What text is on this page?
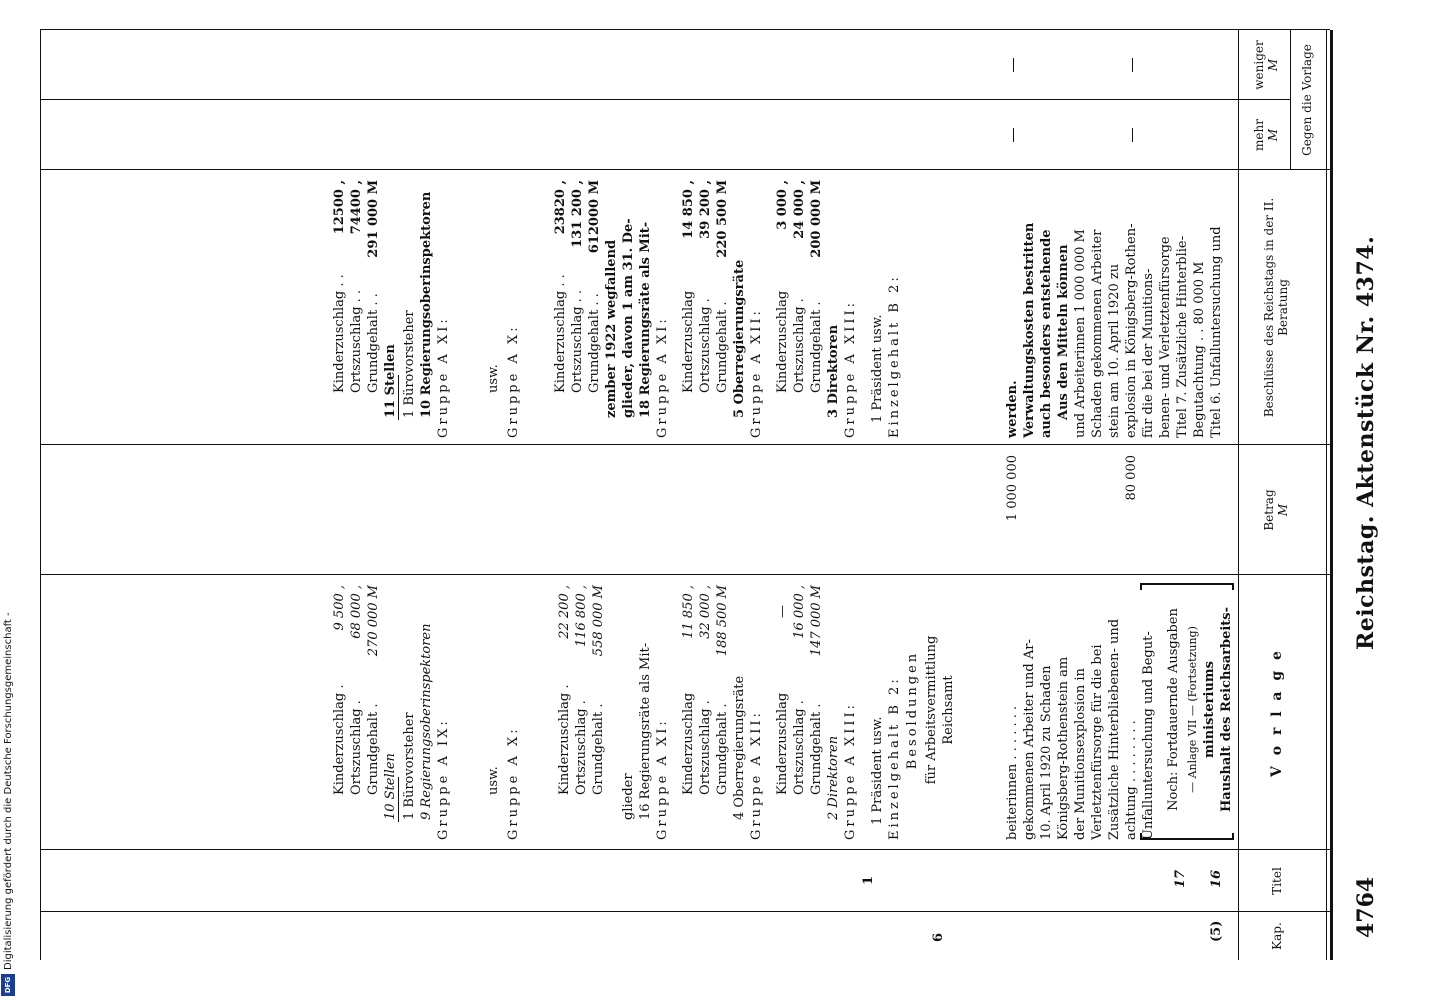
Digitalisierung gefördert durch die Deutsche Forschungsgemeinschaft -
DFG
4764
Reichstag. Aktenstück Nr. 4374.
Kap.
Titel
V o r l a g e
Betrag M
Beschlüsse des Reichstags in der II. Beratung
Gegen die Vorlage
mehr M
weniger M
(5)
6
16
17
1
Haushalt des Reichsarbeits-
ministeriums
— Anlage VII — (Fortsetzung)
Noch: Fortdauernde Ausgaben
Unfalluntersuchung und Begut-
achtung . . . . . . . .
Zusätzliche Hinterbliebenen- und
Verletztenfürsorge für die bei
der Munitionsexplosion in
Königsberg-Rothenstein am
10. April 1920 zu Schaden
gekommenen Arbeiter und Ar-
beiterinnen . . . . . . .
Reichsamt
für Arbeitsvermittlung
Besoldungen
Einzelgehalt B 2:
1 Präsident usw.
Gruppe A XIII:
2 Direktoren
Grundgehalt .
Ortszuschlag .
Kinderzuschlag
147 000 M
16 000 ,
—
Gruppe A XII:
4 Oberregierungsräte
Grundgehalt .
Ortszuschlag .
Kinderzuschlag
188 500 M
32 000 ,
11 850 ,
Gruppe A XI:
16 Regierungsräte als Mit-
glieder
Grundgehalt .
Ortszuschlag .
Kinderzuschlag .
558 000 M
116 800 ,
22 200 ,
Gruppe A X:
usw.
Gruppe A IX:
9 Regierungsoberinspektoren
1 Bürovorsteher
10 Stellen
Grundgehalt .
Ortszuschlag .
Kinderzuschlag .
270 000 M
68 000 ,
9 500 ,
80 000
1 000 000
Titel 6. Unfalluntersuchung und
Begutachtung . . 80 000 M
Titel 7. Zusätzliche Hinterblie-
benen- und Verletztenfürsorge
für die bei der Munitions-
explosion in Königsberg-Rothen-
stein am 10. April 1920 zu
Schaden gekommenen Arbeiter
und Arbeiterinnen 1 000 000 M
Aus den Mitteln können
auch besonders entstehende
Verwaltungskosten bestritten
werden.
Einzelgehalt B 2:
1 Präsident usw.
Gruppe A XIII:
3 Direktoren
Grundgehalt .
Ortszuschlag .
Kinderzuschlag
200 000 M
24 000 ,
3 000 ,
Gruppe A XII:
5 Oberregierungsräte
Grundgehalt .
Ortszuschlag .
Kinderzuschlag
220 500 M
39 200 ,
14 850 ,
Gruppe A XI:
18 Regierungsräte als Mit-
glieder, davon 1 am 31. De-
zember 1922 wegfallend
Grundgehalt . .
Ortszuschlag . .
Kinderzuschlag . .
612000 M
131 200 ,
23820 ,
Gruppe A X:
usw.
Gruppe A XI:
10 Regierungsoberinspektoren
1 Bürovorsteher
11 Stellen
Grundgehalt . .
Ortszuschlag . .
Kinderzuschlag . .
291 000 M
74400 ,
12500 ,
